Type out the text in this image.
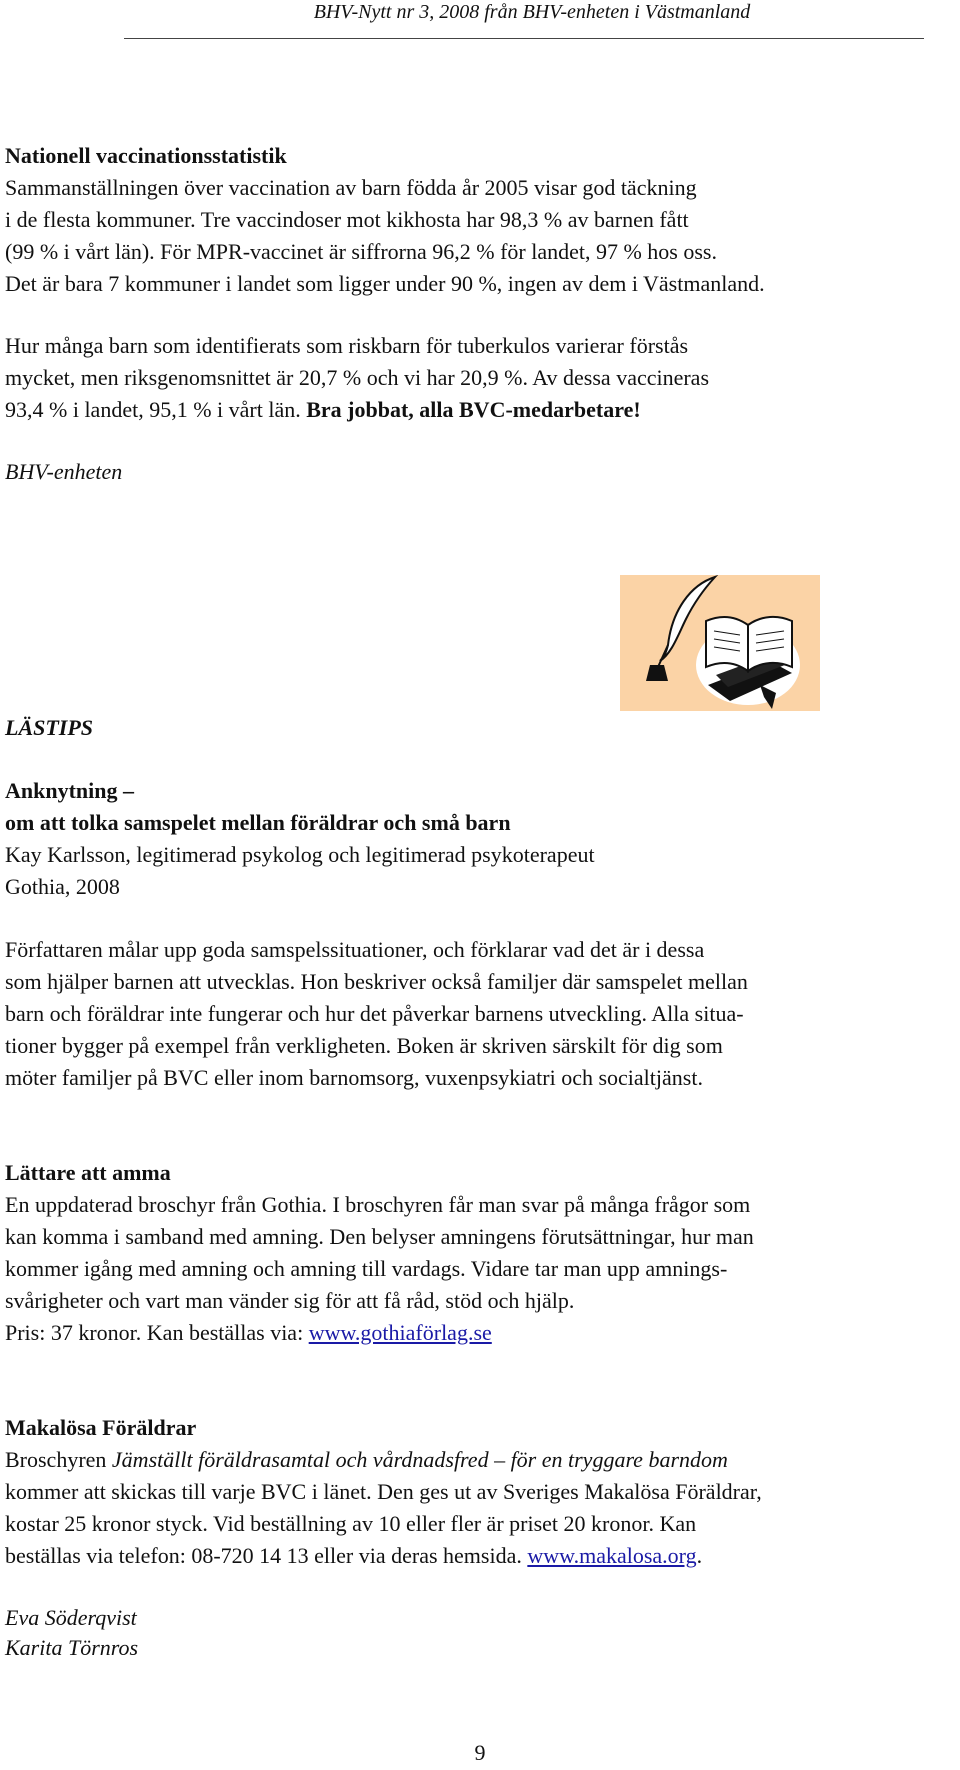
BHV-Nytt nr 3, 2008 från BHV-enheten i Västmanland
Nationell vaccinationsstatistik
Sammanställningen över vaccination av barn födda år 2005 visar god täckning
i de flesta kommuner. Tre vaccindoser mot kikhosta har 98,3 % av barnen fått
(99 % i vårt län). För MPR-vaccinet är siffrorna 96,2 % för landet, 97 % hos oss.
Det är bara 7 kommuner i landet som ligger under 90 %, ingen av dem i Västmanland.
Hur många barn som identifierats som riskbarn för tuberkulos varierar förstås
mycket, men riksgenomsnittet är 20,7 % och vi har 20,9 %. Av dessa vaccineras
93,4 % i landet, 95,1 % i vårt län. Bra jobbat, alla BVC-medarbetare!
BHV-enheten
LÄSTIPS
Anknytning –
om att tolka samspelet mellan föräldrar och små barn
Kay Karlsson, legitimerad psykolog och legitimerad psykoterapeut
Gothia, 2008
Författaren målar upp goda samspelssituationer, och förklarar vad det är i dessa
som hjälper barnen att utvecklas. Hon beskriver också familjer där samspelet mellan
barn och föräldrar inte fungerar och hur det påverkar barnens utveckling. Alla situa-
tioner bygger på exempel från verkligheten. Boken är skriven särskilt för dig som
möter familjer på BVC eller inom barnomsorg, vuxenpsykiatri och socialtjänst.
Lättare att amma
En uppdaterad broschyr från Gothia. I broschyren får man svar på många frågor som
kan komma i samband med amning. Den belyser amningens förutsättningar, hur man
kommer igång med amning och amning till vardags. Vidare tar man upp amnings-
svårigheter och vart man vänder sig för att få råd, stöd och hjälp.
Pris: 37 kronor. Kan beställas via: www.gothiaförlag.se
Makalösa Föräldrar
Broschyren Jämställt föräldrasamtal och vårdnadsfred – för en tryggare barndom
kommer att skickas till varje BVC i länet. Den ges ut av Sveriges Makalösa Föräldrar,
kostar 25 kronor styck. Vid beställning av 10 eller fler är priset 20 kronor. Kan
beställas via telefon: 08-720 14 13 eller via deras hemsida. www.makalosa.org.
Eva Söderqvist
Karita Törnros
9
